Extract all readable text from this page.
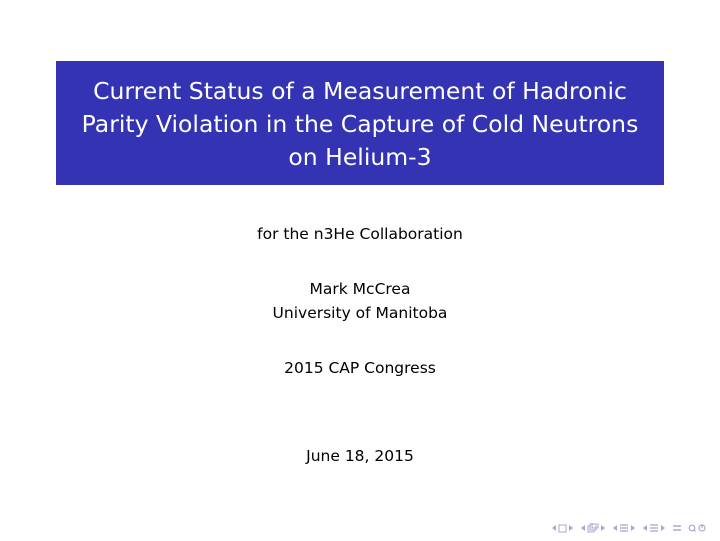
Current Status of a Measurement of Hadronic
Parity Violation in the Capture of Cold Neutrons
on Helium-3
for the n3He Collaboration
Mark McCrea
University of Manitoba
2015 CAP Congress
June 18, 2015
